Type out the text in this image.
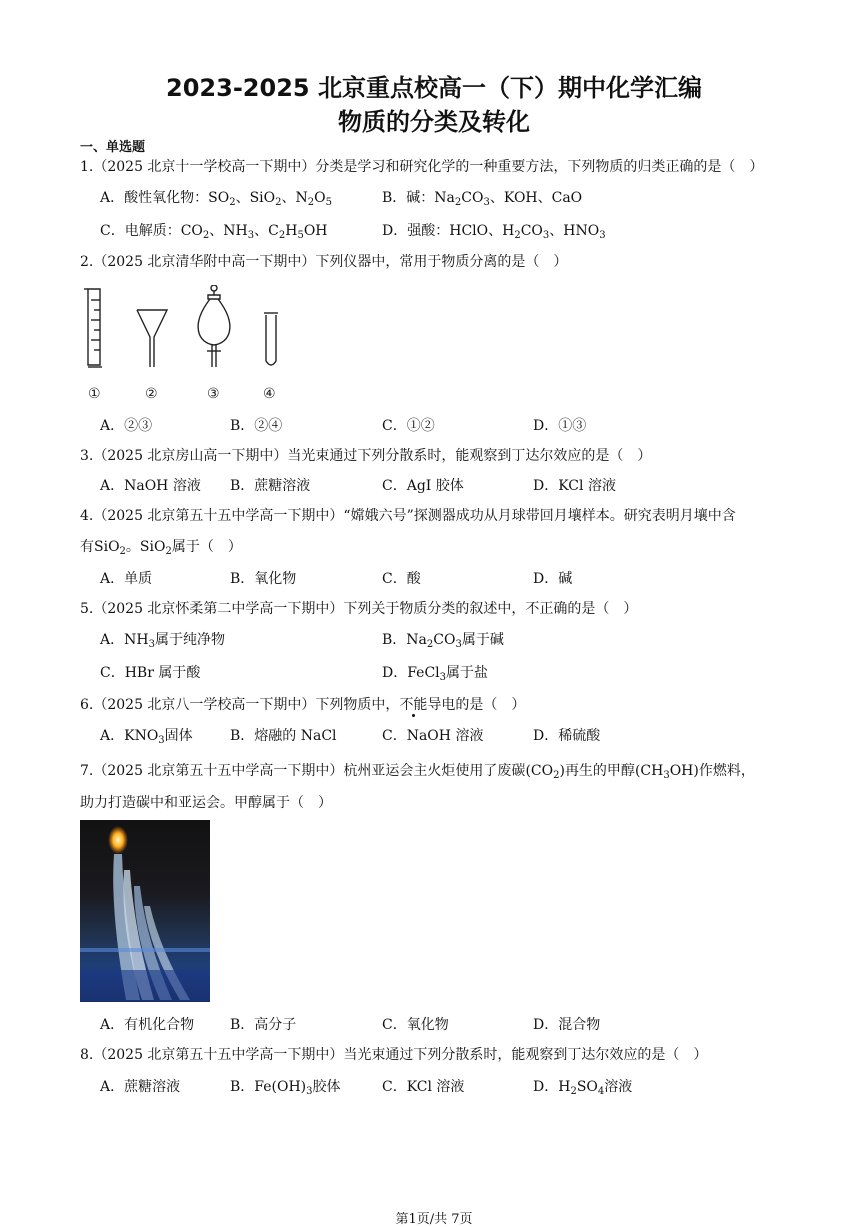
2023-2025 北京重点校高一（下）期中化学汇编
物质的分类及转化
一、单选题
1.（2025 北京十一学校高一下期中）分类是学习和研究化学的一种重要方法，下列物质的归类正确的是（　）
A．酸性氧化物：$SO_2$、SiO$_2$、$N_2O_5$	B．碱：$Na_2CO_3$、KOH、CaO
C．电解质：$CO_2$、$NH_3$、$C_2H_5OH$	D．强酸：HClO、$H_2CO_3$、$HNO_3$
2.（2025 北京清华附中高一下期中）下列仪器中，常用于物质分离的是（　）
①	②	③	④
A．②③	B．②④	C．①②	D．①③
3.（2025 北京房山高一下期中）当光束通过下列分散系时，能观察到丁达尔效应的是（　）
A．NaOH 溶液 B．蔗糖溶液	C．AgI 胶体	D．KCl 溶液
4.（2025 北京第五十五中学高一下期中）“嫦娥六号”探测器成功从月球带回月壤样本。研究表明月壤中含
有SiO$_2$。SiO$_2$属于（　）
A．单质	B．氧化物	C．酸	D．碱
5.（2025 北京怀柔第二中学高一下期中）下列关于物质分类的叙述中，不正确的是（　）
A．$NH_3$属于纯净物	B．$Na_2CO_3$属于碱
C．HBr 属于酸	D．FeCl$_3$属于盐
6.（2025 北京八一学校高一下期中）下列物质中，不能导电的是（　）
A．$KNO_3$固体	B．熔融的 NaCl	C．NaOH 溶液	D．稀硫酸
7.（2025 北京第五十五中学高一下期中）杭州亚运会主火炬使用了废碳$(CO_2)$再生的甲醇$(CH_3OH)$作燃料，
助力打造碳中和亚运会。甲醇属于（　）
A．有机化合物	B．高分子	C．氧化物	D．混合物
8.（2025 北京第五十五中学高一下期中）当光束通过下列分散系时，能观察到丁达尔效应的是（　）
A．蔗糖溶液	B．$Fe(OH)_3$胶体	C．KCl 溶液	D．$H_2SO_4$溶液
第1页/共 7页
